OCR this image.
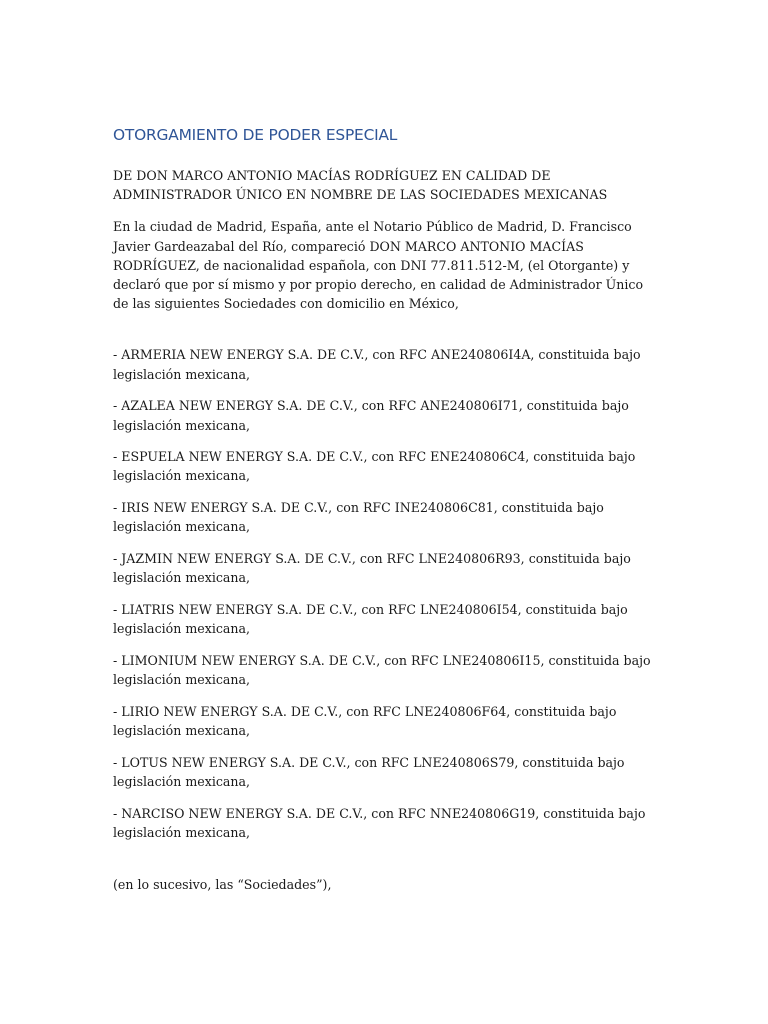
OTORGAMIENTO DE PODER ESPECIAL

DE DON MARCO ANTONIO MACÍAS RODRÍGUEZ EN CALIDAD DE ADMINISTRADOR ÚNICO EN NOMBRE DE LAS SOCIEDADES MEXICANAS

En la ciudad de Madrid, España, ante el Notario Público de Madrid, D. Francisco Javier Gardeazabal del Río, compareció DON MARCO ANTONIO MACÍAS RODRÍGUEZ, de nacionalidad española, con DNI 77.811.512-M, (el Otorgante) y declaró que por sí mismo y por propio derecho, en calidad de Administrador Único de las siguientes Sociedades con domicilio en México,

- ARMERIA NEW ENERGY S.A. DE C.V., con RFC ANE240806I4A, constituida bajo legislación mexicana,
- AZALEA NEW ENERGY S.A. DE C.V., con RFC ANE240806I71, constituida bajo legislación mexicana,
- ESPUELA NEW ENERGY S.A. DE C.V., con RFC ENE240806C4, constituida bajo legislación mexicana,
- IRIS NEW ENERGY S.A. DE C.V., con RFC INE240806C81, constituida bajo legislación mexicana,
- JAZMIN NEW ENERGY S.A. DE C.V., con RFC LNE240806R93, constituida bajo legislación mexicana,
- LIATRIS NEW ENERGY S.A. DE C.V., con RFC LNE240806I54, constituida bajo legislación mexicana,
- LIMONIUM NEW ENERGY S.A. DE C.V., con RFC LNE240806I15, constituida bajo legislación mexicana,
- LIRIO NEW ENERGY S.A. DE C.V., con RFC LNE240806F64, constituida bajo legislación mexicana,
- LOTUS NEW ENERGY S.A. DE C.V., con RFC LNE240806S79, constituida bajo legislación mexicana,
- NARCISO NEW ENERGY S.A. DE C.V., con RFC NNE240806G19, constituida bajo legislación mexicana,

(en lo sucesivo, las “Sociedades”),
